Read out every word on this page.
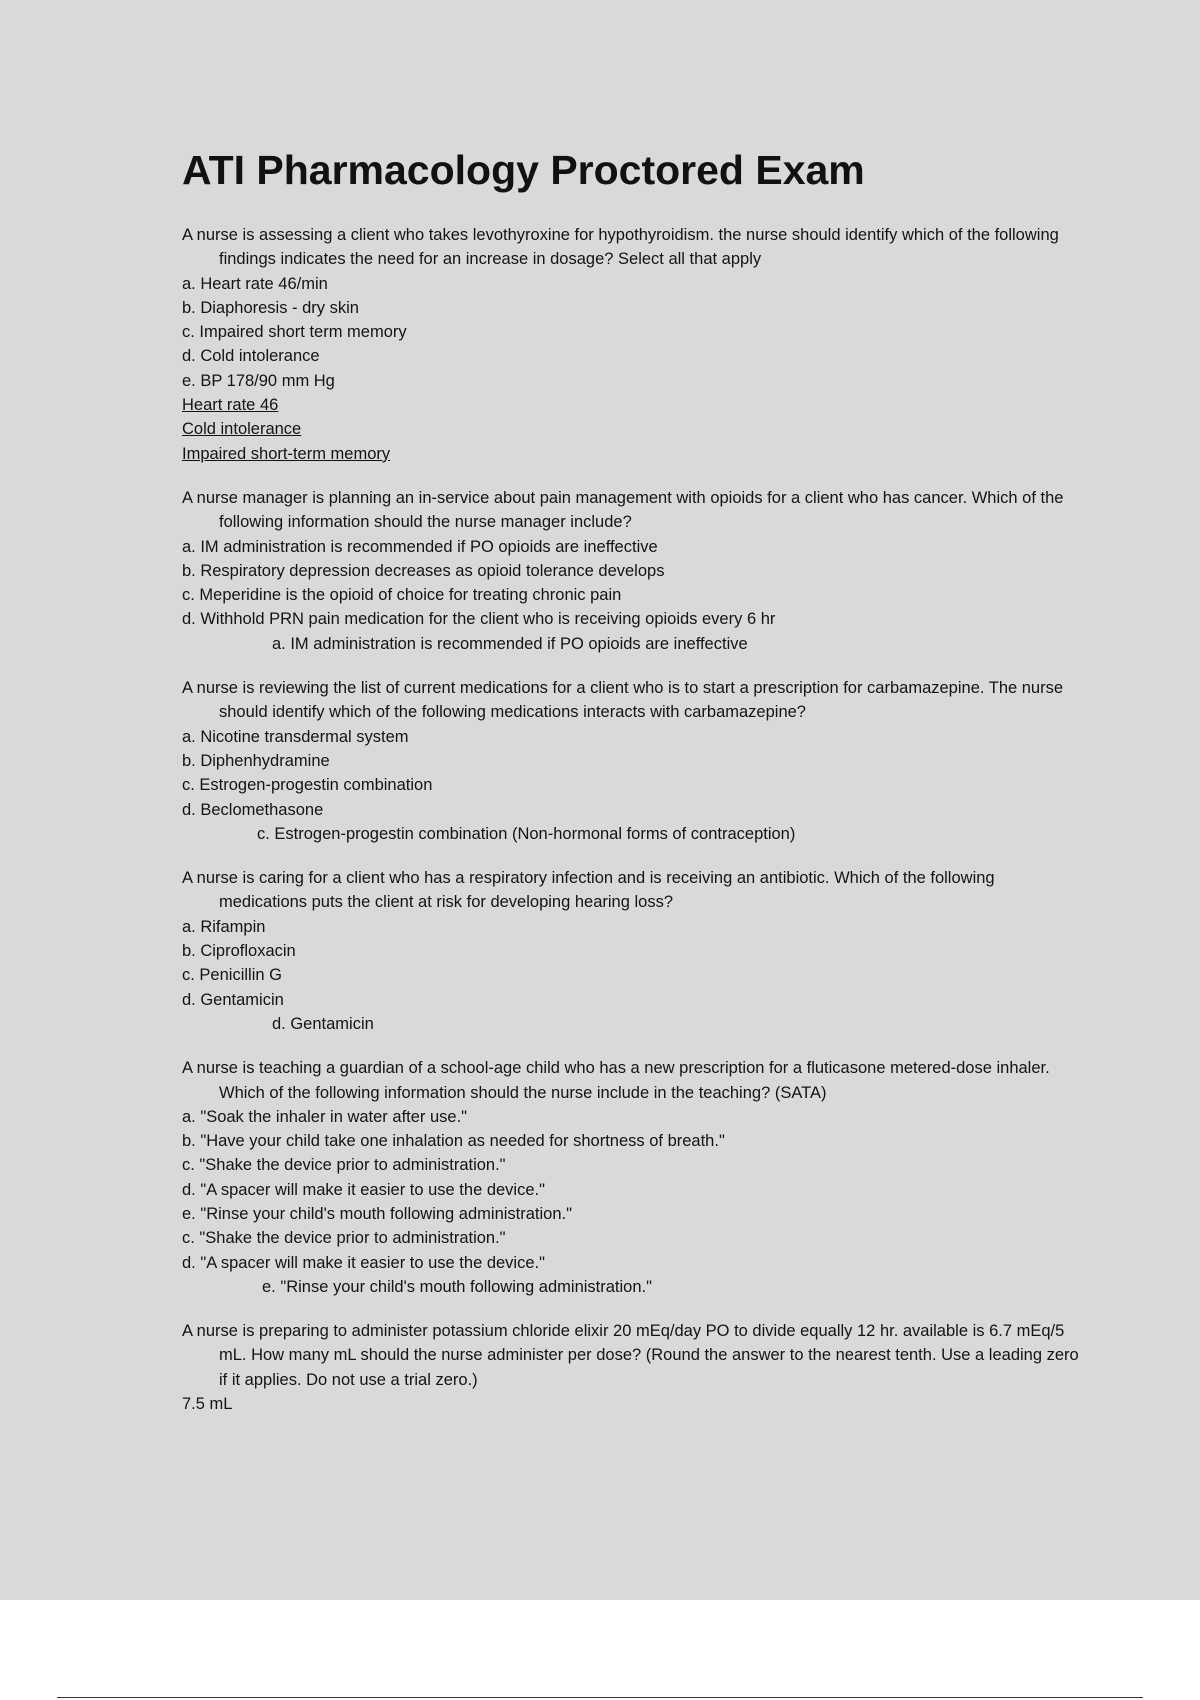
ATI Pharmacology Proctored Exam
A nurse is assessing a client who takes levothyroxine for hypothyroidism. the nurse should identify which of the following findings indicates the need for an increase in dosage? Select all that apply
a. Heart rate 46/min
b. Diaphoresis - dry skin
c. Impaired short term memory
d. Cold intolerance
e. BP 178/90 mm Hg
Heart rate 46
Cold intolerance
Impaired short-term memory
A nurse manager is planning an in-service about pain management with opioids for a client who has cancer. Which of the following information should the nurse manager include?
a. IM administration is recommended if PO opioids are ineffective
b. Respiratory depression decreases as opioid tolerance develops
c. Meperidine is the opioid of choice for treating chronic pain
d. Withhold PRN pain medication for the client who is receiving opioids every 6 hr
a. IM administration is recommended if PO opioids are ineffective
A nurse is reviewing the list of current medications for a client who is to start a prescription for carbamazepine. The nurse should identify which of the following medications interacts with carbamazepine?
a. Nicotine transdermal system
b. Diphenhydramine
c. Estrogen-progestin combination
d. Beclomethasone
c. Estrogen-progestin combination (Non-hormonal forms of contraception)
A nurse is caring for a client who has a respiratory infection and is receiving an antibiotic. Which of the following medications puts the client at risk for developing hearing loss?
a. Rifampin
b. Ciprofloxacin
c. Penicillin G
d. Gentamicin
d. Gentamicin
A nurse is teaching a guardian of a school-age child who has a new prescription for a fluticasone metered-dose inhaler. Which of the following information should the nurse include in the teaching? (SATA)
a. "Soak the inhaler in water after use."
b. "Have your child take one inhalation as needed for shortness of breath."
c. "Shake the device prior to administration."
d. "A spacer will make it easier to use the device."
e. "Rinse your child's mouth following administration."
c. "Shake the device prior to administration."
d. "A spacer will make it easier to use the device."
e. "Rinse your child's mouth following administration."
A nurse is preparing to administer potassium chloride elixir 20 mEq/day PO to divide equally 12 hr. available is 6.7 mEq/5 mL. How many mL should the nurse administer per dose? (Round the answer to the nearest tenth. Use a leading zero if it applies. Do not use a trial zero.)
7.5 mL
